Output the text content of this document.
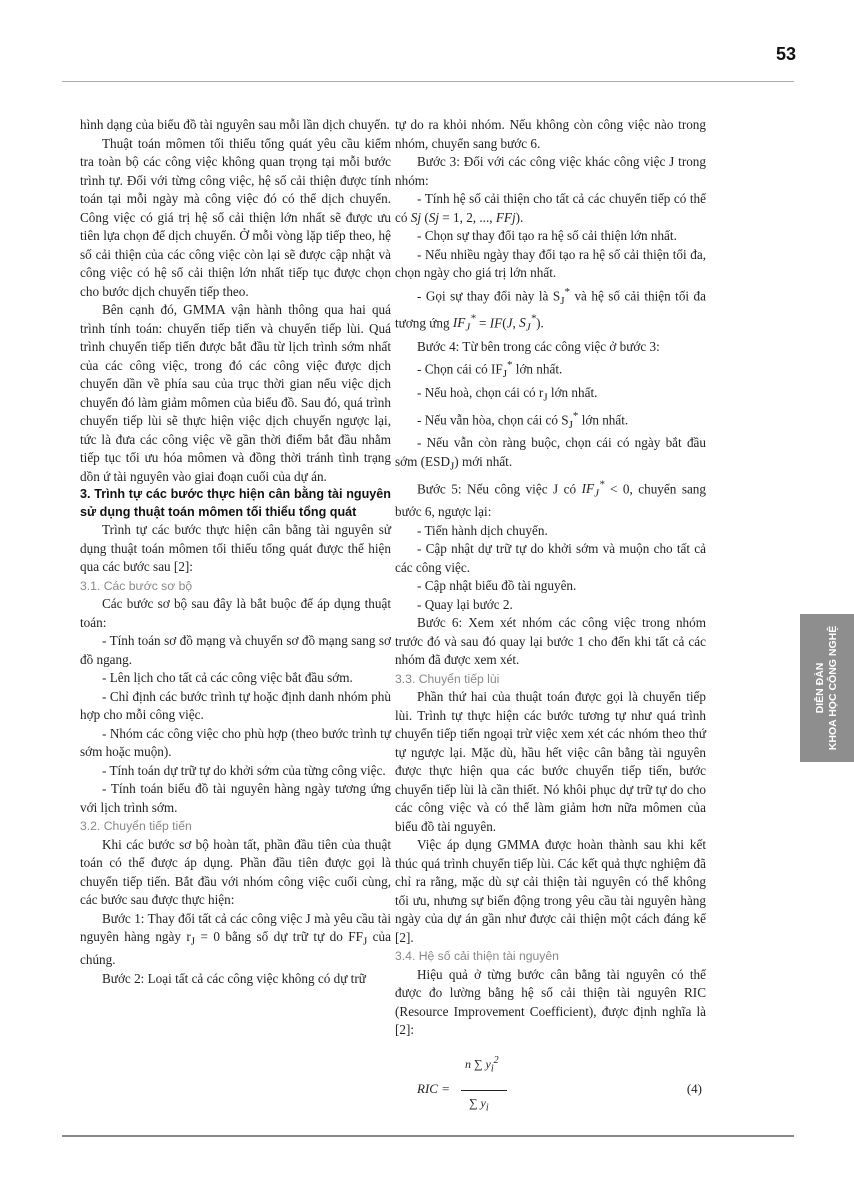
53

hình dạng của biểu đồ tài nguyên sau mỗi lần dịch chuyển.

Thuật toán mômen tối thiểu tổng quát yêu cầu kiểm tra toàn bộ các công việc không quan trọng tại mỗi bước trình tự. Đối với từng công việc, hệ số cải thiện được tính toán tại mỗi ngày mà công việc đó có thể dịch chuyển. Công việc có giá trị hệ số cải thiện lớn nhất sẽ được ưu tiên lựa chọn để dịch chuyển. Ở mỗi vòng lặp tiếp theo, hệ số cải thiện của các công việc còn lại sẽ được cập nhật và công việc có hệ số cải thiện lớn nhất tiếp tục được chọn cho bước dịch chuyển tiếp theo.

Bên cạnh đó, GMMA vận hành thông qua hai quá trình tính toán: chuyển tiếp tiến và chuyển tiếp lùi. Quá trình chuyển tiếp tiến được bắt đầu từ lịch trình sớm nhất của các công việc, trong đó các công việc được dịch chuyển dần về phía sau của trục thời gian nếu việc dịch chuyển đó làm giảm mômen của biểu đồ. Sau đó, quá trình chuyển tiếp lùi sẽ thực hiện việc dịch chuyển ngược lại, tức là đưa các công việc về gần thời điểm bắt đầu nhằm tiếp tục tối ưu hóa mômen và đồng thời tránh tình trạng dồn ứ tài nguyên vào giai đoạn cuối của dự án.

3. Trình tự các bước thực hiện cân bằng tài nguyên sử dụng thuật toán mômen tối thiểu tổng quát

Trình tự các bước thực hiện cân bằng tài nguyên sử dụng thuật toán mômen tối thiểu tổng quát được thể hiện qua các bước sau [2]:

3.1. Các bước sơ bộ

Các bước sơ bộ sau đây là bắt buộc để áp dụng thuật toán:

- Tính toán sơ đồ mạng và chuyển sơ đồ mạng sang sơ đồ ngang.

- Lên lịch cho tất cả các công việc bắt đầu sớm.

- Chỉ định các bước trình tự hoặc định danh nhóm phù hợp cho mỗi công việc.

- Nhóm các công việc cho phù hợp (theo bước trình tự sớm hoặc muộn).

- Tính toán dự trữ tự do khởi sớm của từng công việc.

- Tính toán biểu đồ tài nguyên hàng ngày tương ứng với lịch trình sớm.

3.2. Chuyển tiếp tiến

Khi các bước sơ bộ hoàn tất, phần đầu tiên của thuật toán có thể được áp dụng. Phần đầu tiên được gọi là chuyển tiếp tiến. Bắt đầu với nhóm công việc cuối cùng, các bước sau được thực hiện:

Bước 1: Thay đổi tất cả các công việc J mà yêu cầu tài nguyên hàng ngày $r_J = 0$ bằng số dự trữ tự do $FF_J$ của chúng.

Bước 2: Loại tất cả các công việc không có dự trữ

tự do ra khỏi nhóm. Nếu không còn công việc nào trong nhóm, chuyển sang bước 6.

Bước 3: Đối với các công việc khác công việc J trong nhóm:

- Tính hệ số cải thiện cho tất cả các chuyển tiếp có thể có Sj (Sj = 1, 2, ..., FFj).

- Chọn sự thay đổi tạo ra hệ số cải thiện lớn nhất.

- Nếu nhiều ngày thay đổi tạo ra hệ số cải thiện tối đa, chọn ngày cho giá trị lớn nhất.

- Gọi sự thay đổi này là $S_J^*$ và hệ số cải thiện tối đa tương ứng $IF_J^* = IF(J$, $S_J^*$).

Bước 4: Từ bên trong các công việc ở bước 3:

- Chọn cái có $IF_J^*$ lớn nhất.

- Nếu hoà, chọn cái có $r_J$ lớn nhất.

- Nếu vẫn hòa, chọn cái có $S_J^*$ lớn nhất.

- Nếu vẫn còn ràng buộc, chọn cái có ngày bắt đầu sớm $(ESD_J)$ mới nhất.

Bước 5: Nếu công việc J có $IF_J^* < 0$, chuyển sang bước 6, ngược lại:

- Tiến hành dịch chuyển.

- Cập nhật dự trữ tự do khởi sớm và muộn cho tất cả các công việc.

- Cập nhật biểu đồ tài nguyên.

- Quay lại bước 2.

Bước 6: Xem xét nhóm các công việc trong nhóm trước đó và sau đó quay lại bước 1 cho đến khi tất cả các nhóm đã được xem xét.

3.3. Chuyển tiếp lùi

Phần thứ hai của thuật toán được gọi là chuyển tiếp lùi. Trình tự thực hiện các bước tương tự như quá trình chuyển tiếp tiến ngoại trừ việc xem xét các nhóm theo thứ tự ngược lại. Mặc dù, hầu hết việc cân bằng tài nguyên được thực hiện qua các bước chuyển tiếp tiến, bước chuyển tiếp lùi là cần thiết. Nó khôi phục dự trữ tự do cho các công việc và có thể làm giảm hơn nữa mômen của biểu đồ tài nguyên.

Việc áp dụng GMMA được hoàn thành sau khi kết thúc quá trình chuyển tiếp lùi. Các kết quả thực nghiệm đã chỉ ra rằng, mặc dù sự cải thiện tài nguyên có thể không tối ưu, nhưng sự biến động trong yêu cầu tài nguyên hàng ngày của dự án gần như được cải thiện một cách đáng kể [2].

3.4. Hệ số cải thiện tài nguyên

Hiệu quả ở từng bước cân bằng tài nguyên có thể được đo lường bằng hệ số cải thiện tài nguyên RIC (Resource Improvement Coefficient), được định nghĩa là [2]:

RIC =
n ∑ $y_i^2$
∑ $y_i$
(4)
DIỄN ĐÀN KHOA HỌC CÔNG NGHỆ
